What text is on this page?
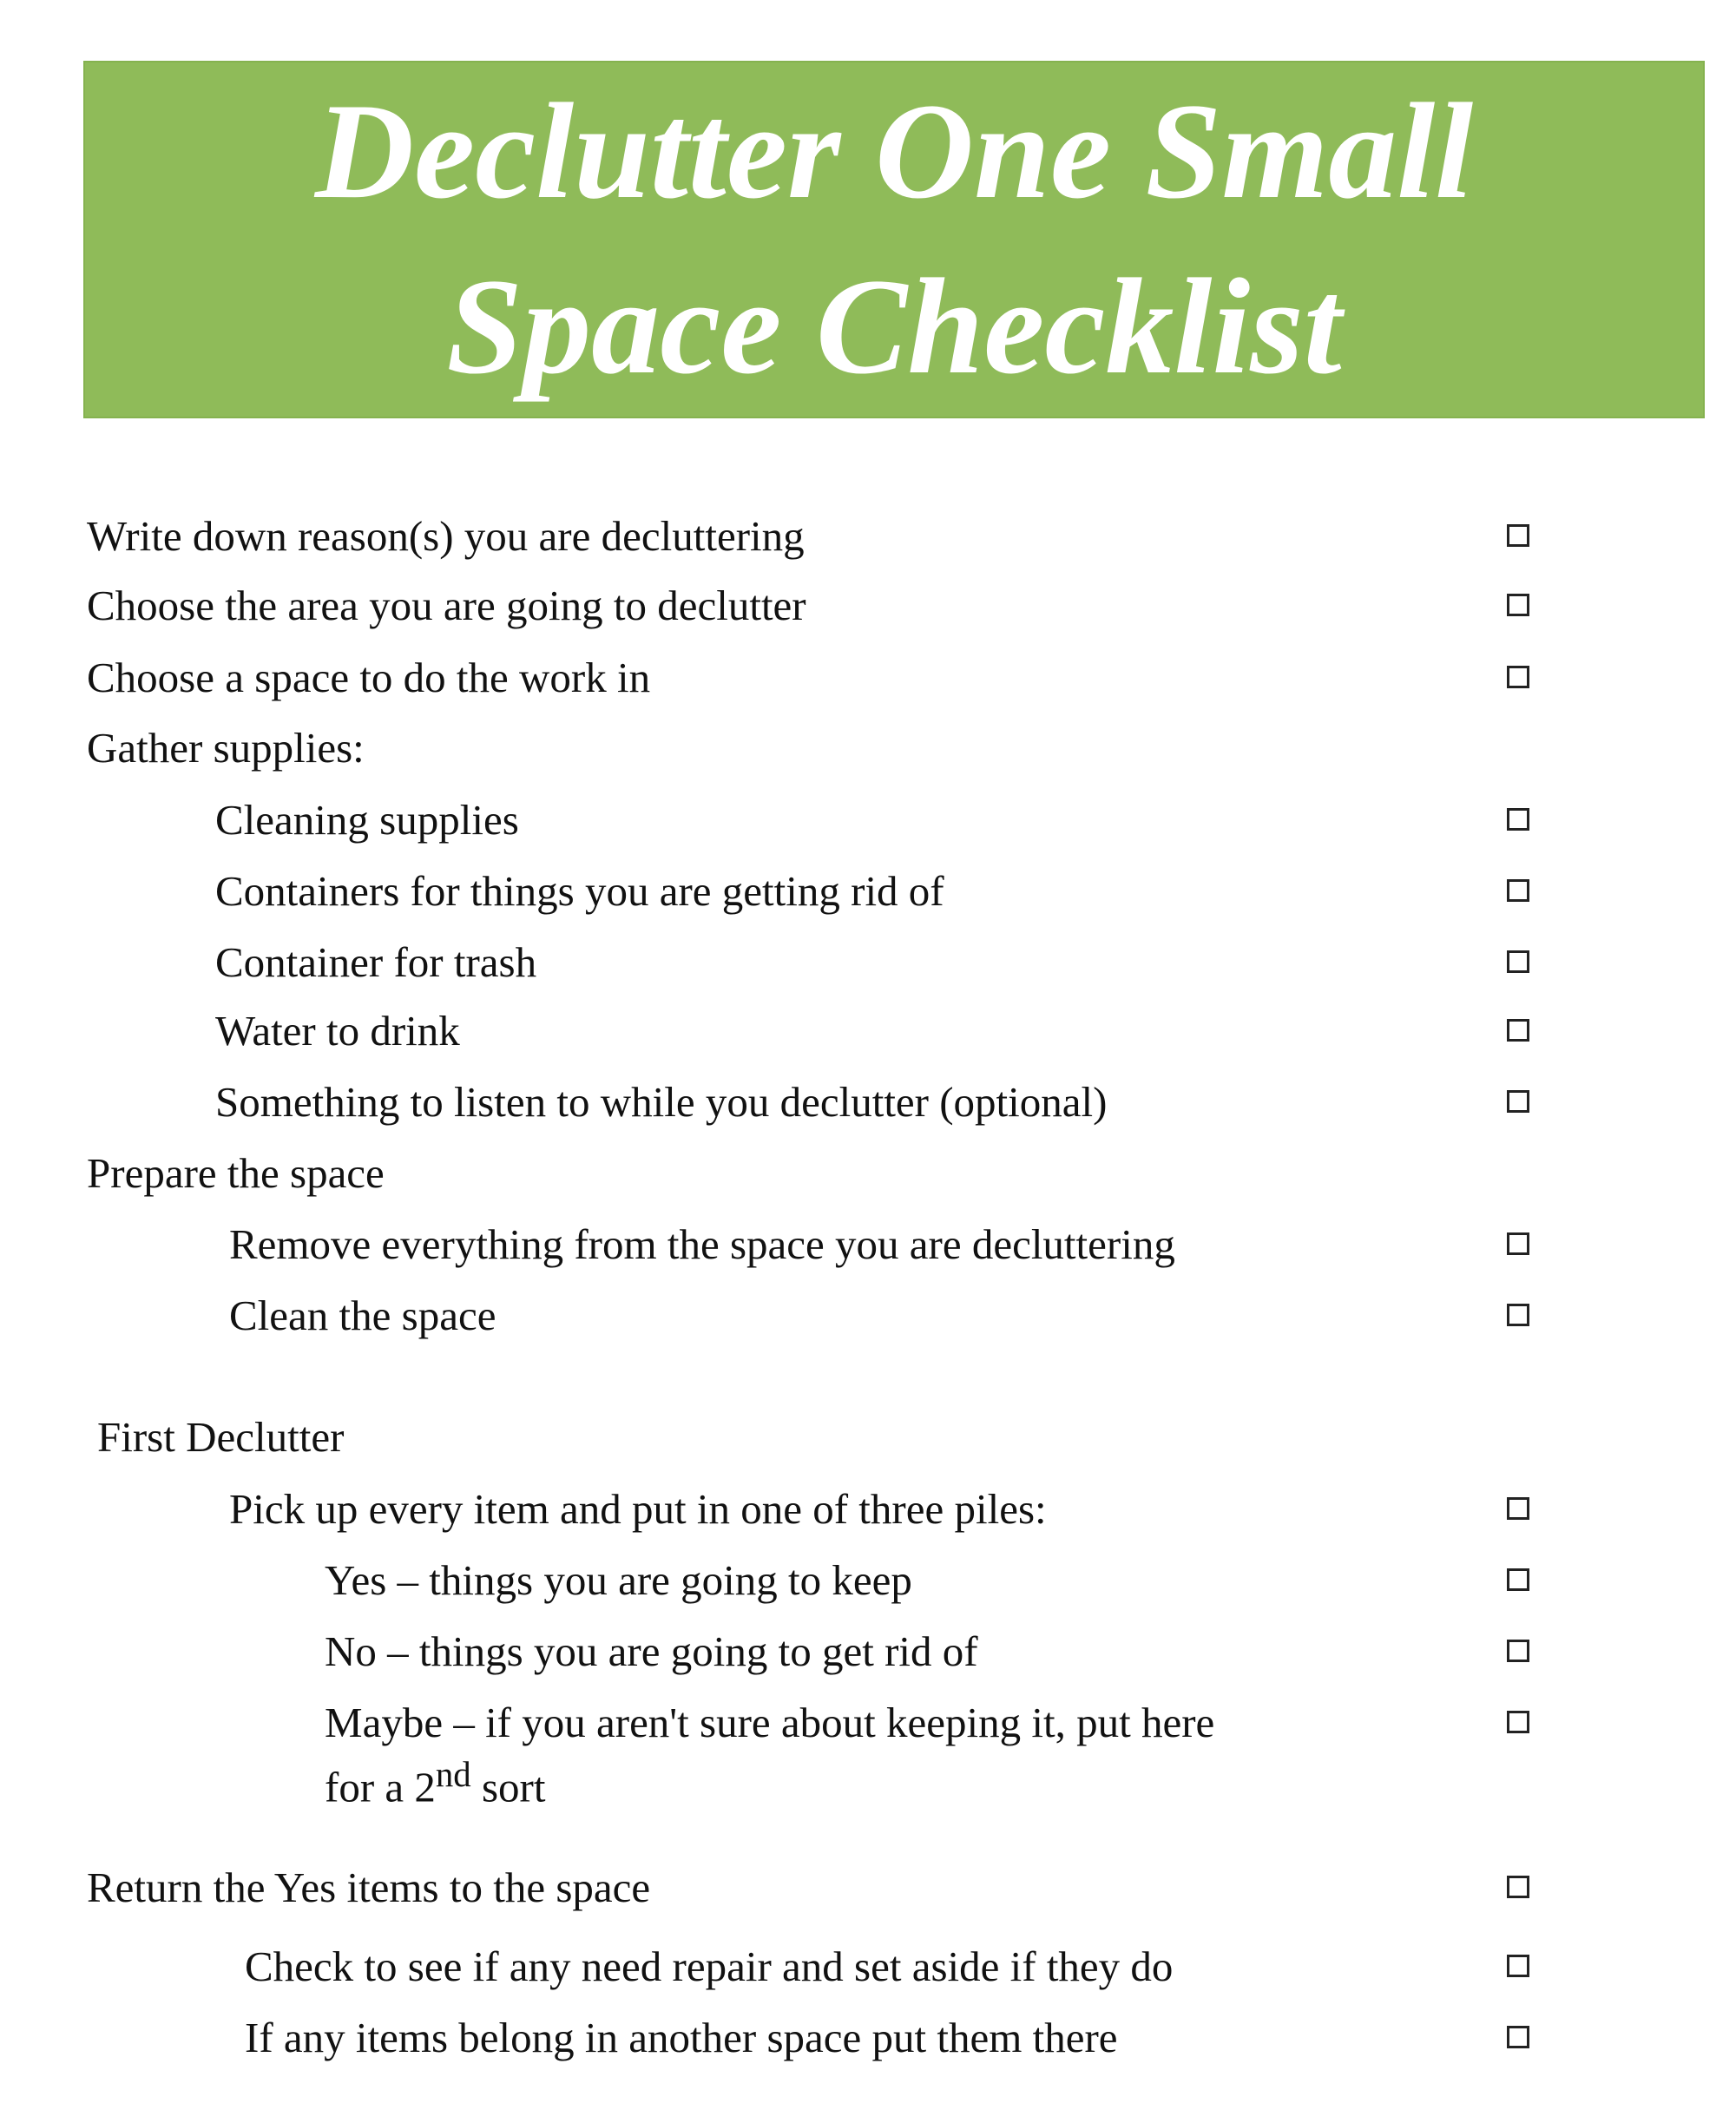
Declutter One Small
Space Checklist
Write down reason(s) you are decluttering
Choose the area you are going to declutter
Choose a space to do the work in
Gather supplies:
Cleaning supplies
Containers for things you are getting rid of
Container for trash
Water to drink
Something to listen to while you declutter (optional)
Prepare the space
Remove everything from the space you are decluttering
Clean the space
First Declutter
Pick up every item and put in one of three piles:
Yes – things you are going to keep
No – things you are going to get rid of
Maybe – if you aren't sure about keeping it, put here
for a 2nd sort
Return the Yes items to the space
Check to see if any need repair and set aside if they do
If any items belong in another space put them there
